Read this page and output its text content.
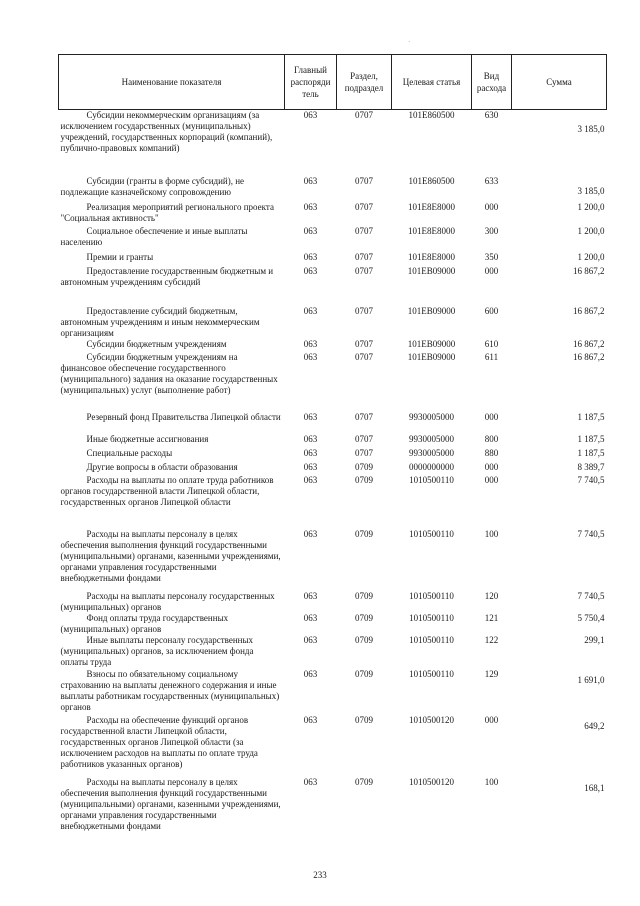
·
Наименование показателя	Главный распоряди тель	Раздел, подраздел	Целевая статья	Вид расхода	Сумма
Субсидии некоммерческим организациям (за исключением государственных (муниципальных) учреждений, государственных корпораций (компаний), публично-правовых компаний)	063	0707	101Е860500	630	3 185,0
Субсидии (гранты в форме субсидий), не подлежащие казначейскому сопровождению	063	0707	101Е860500	633	3 185,0
Реализация мероприятий регионального проекта "Социальная активность"	063	0707	101Е8Е8000	000	1 200,0
Социальное обеспечение и иные выплаты населению	063	0707	101Е8Е8000	300	1 200,0
Премии и гранты	063	0707	101Е8Е8000	350	1 200,0
Предоставление государственным бюджетным и автономным учреждениям субсидий	063	0707	101ЕВ09000	000	16 867,2
Предоставление субсидий бюджетным, автономным учреждениям и иным некоммерческим организациям	063	0707	101ЕВ09000	600	16 867,2
Субсидии бюджетным учреждениям	063	0707	101ЕВ09000	610	16 867,2
Субсидии бюджетным учреждениям на финансовое обеспечение государственного (муниципального) задания на оказание государственных (муниципальных) услуг (выполнение работ)	063	0707	101ЕВ09000	611	16 867,2
Резервный фонд Правительства Липецкой области	063	0707	9930005000	000	1 187,5
Иные бюджетные ассигнования	063	0707	9930005000	800	1 187,5
Специальные расходы	063	0707	9930005000	880	1 187,5
Другие вопросы в области образования	063	0709	0000000000	000	8 389,7
Расходы на выплаты по оплате труда работников органов государственной власти Липецкой области, государственных органов Липецкой области	063	0709	1010500110	000	7 740,5
Расходы на выплаты персоналу в целях обеспечения выполнения функций государственными (муниципальными) органами, казенными учреждениями, органами управления государственными внебюджетными фондами	063	0709	1010500110	100	7 740,5
Расходы на выплаты персоналу государственных (муниципальных) органов	063	0709	1010500110	120	7 740,5
Фонд оплаты труда государственных (муниципальных) органов	063	0709	1010500110	121	5 750,4
Иные выплаты персоналу государственных (муниципальных) органов, за исключением фонда оплаты труда	063	0709	1010500110	122	299,1
Взносы по обязательному социальному страхованию на выплаты денежного содержания и иные выплаты работникам государственных (муниципальных) органов	063	0709	1010500110	129	1 691,0
Расходы на обеспечение функций органов государственной власти Липецкой области, государственных органов Липецкой области (за исключением расходов на выплаты по оплате труда работников указанных органов)	063	0709	1010500120	000	649,2
Расходы на выплаты персоналу в целях обеспечения выполнения функций государственными (муниципальными) органами, казенными учреждениями, органами управления государственными внебюджетными фондами	063	0709	1010500120	100	168,1
233
